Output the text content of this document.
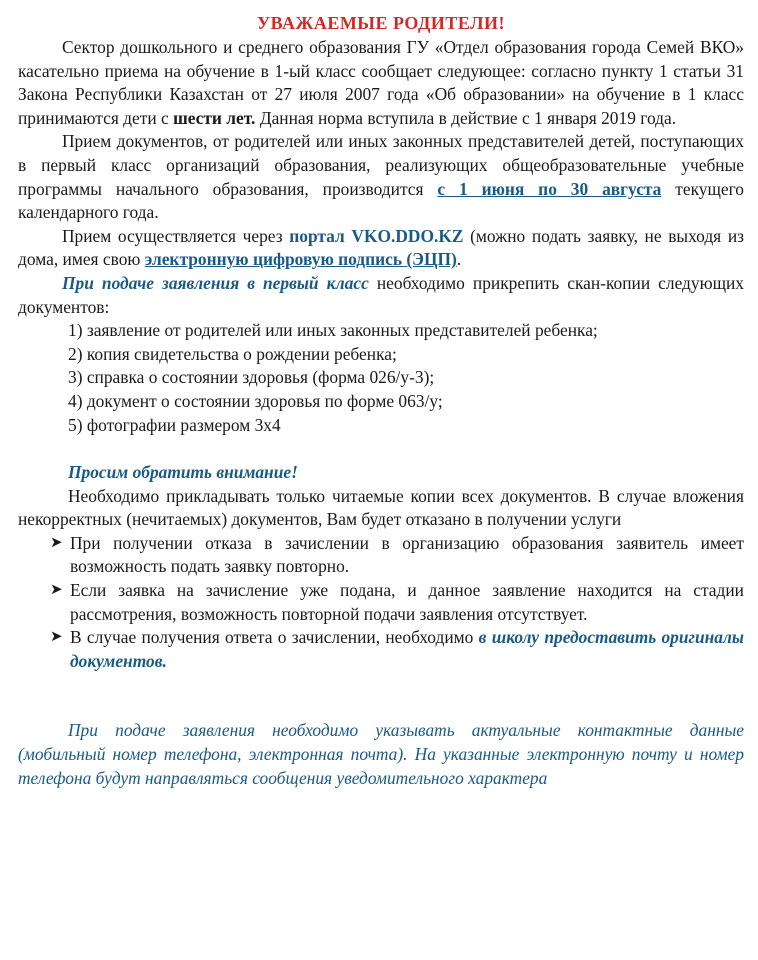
УВАЖАЕМЫЕ РОДИТЕЛИ!

Сектор дошкольного и среднего образования ГУ «Отдел образования города Семей ВКО» касательно приема на обучение в 1-ый класс сообщает следующее: согласно пункту 1 статьи 31 Закона Республики Казахстан от 27 июля 2007 года «Об образовании» на обучение в 1 класс принимаются дети с шести лет. Данная норма вступила в действие с 1 января 2019 года.

Прием документов, от родителей или иных законных представителей детей, поступающих в первый класс организаций образования, реализующих общеобразовательные учебные программы начального образования, производится с 1 июня по 30 августа текущего календарного года.

Прием осуществляется через портал VKO.DDO.KZ (можно подать заявку, не выходя из дома, имея свою электронную цифровую подпись (ЭЦП).

При подаче заявления в первый класс необходимо прикрепить скан-копии следующих документов:

1) заявление от родителей или иных законных представителей ребенка;
2) копия свидетельства о рождении ребенка;
3) справка о состоянии здоровья (форма 026/у-3);
4) документ о состоянии здоровья по форме 063/у;
5) фотографии размером 3х4

Просим обратить внимание!

Необходимо прикладывать только читаемые копии всех документов. В случае вложения некорректных (нечитаемых) документов, Вам будет отказано в получении услуги

➤ При получении отказа в зачислении в организацию образования заявитель имеет возможность подать заявку повторно.
➤ Если заявка на зачисление уже подана, и данное заявление находится на стадии рассмотрения, возможность повторной подачи заявления отсутствует.
➤ В случае получения ответа о зачислении, необходимо в школу предоставить оригиналы документов.

При подаче заявления необходимо указывать актуальные контактные данные (мобильный номер телефона, электронная почта). На указанные электронную почту и номер телефона будут направляться сообщения уведомительного характера
